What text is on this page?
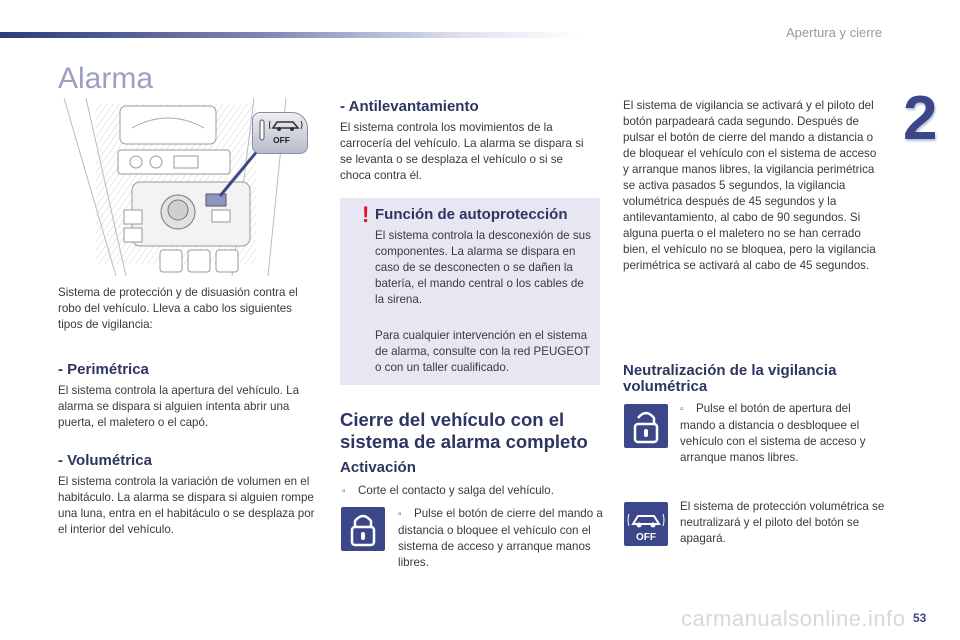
Apertura y cierre
2
Alarma
OFF

Sistema de protección y de disuasión contra el robo del vehículo. Lleva a cabo los siguientes tipos de vigilancia:

- Perimétrica

El sistema controla la apertura del vehículo. La alarma se dispara si alguien intenta abrir una puerta, el maletero o el capó.

- Volumétrica

El sistema controla la variación de volumen en el habitáculo. La alarma se dispara si alguien rompe una luna, entra en el habitáculo o se desplaza por el interior del vehículo.

- Antilevantamiento

El sistema controla los movimientos de la carrocería del vehículo. La alarma se dispara si se levanta o se desplaza el vehículo o si se choca contra él.

! Función de autoprotección

El sistema controla la desconexión de sus componentes. La alarma se dispara en caso de se desconecten o se dañen la batería, el mando central o los cables de la sirena.

Para cualquier intervención en el sistema de alarma, consulte con la red PEUGEOT o con un taller cualificado.

Cierre del vehículo con el sistema de alarma completo
Activación

▫ Corte el contacto y salga del vehículo.

▫ Pulse el botón de cierre del mando a distancia o bloquee el vehículo con el sistema de acceso y arranque manos libres.

El sistema de vigilancia se activará y el piloto del botón parpadeará cada segundo. Después de pulsar el botón de cierre del mando a distancia o de bloquear el vehículo con el sistema de acceso y arranque manos libres, la vigilancia perimétrica se activa pasados 5 segundos, la vigilancia volumétrica después de 45 segundos y la antilevantamiento, al cabo de 90 segundos. Si alguna puerta o el maletero no se han cerrado bien, el vehículo no se bloquea, pero la vigilancia perimétrica se activará al cabo de 45 segundos.

Neutralización de la vigilancia volumétrica

▫ Pulse el botón de apertura del mando a distancia o desbloquee el vehículo con el sistema de acceso y arranque manos libres.

OFF

El sistema de protección volumétrica se neutralizará y el piloto del botón se apagará.

carmanualsonline.info 53
